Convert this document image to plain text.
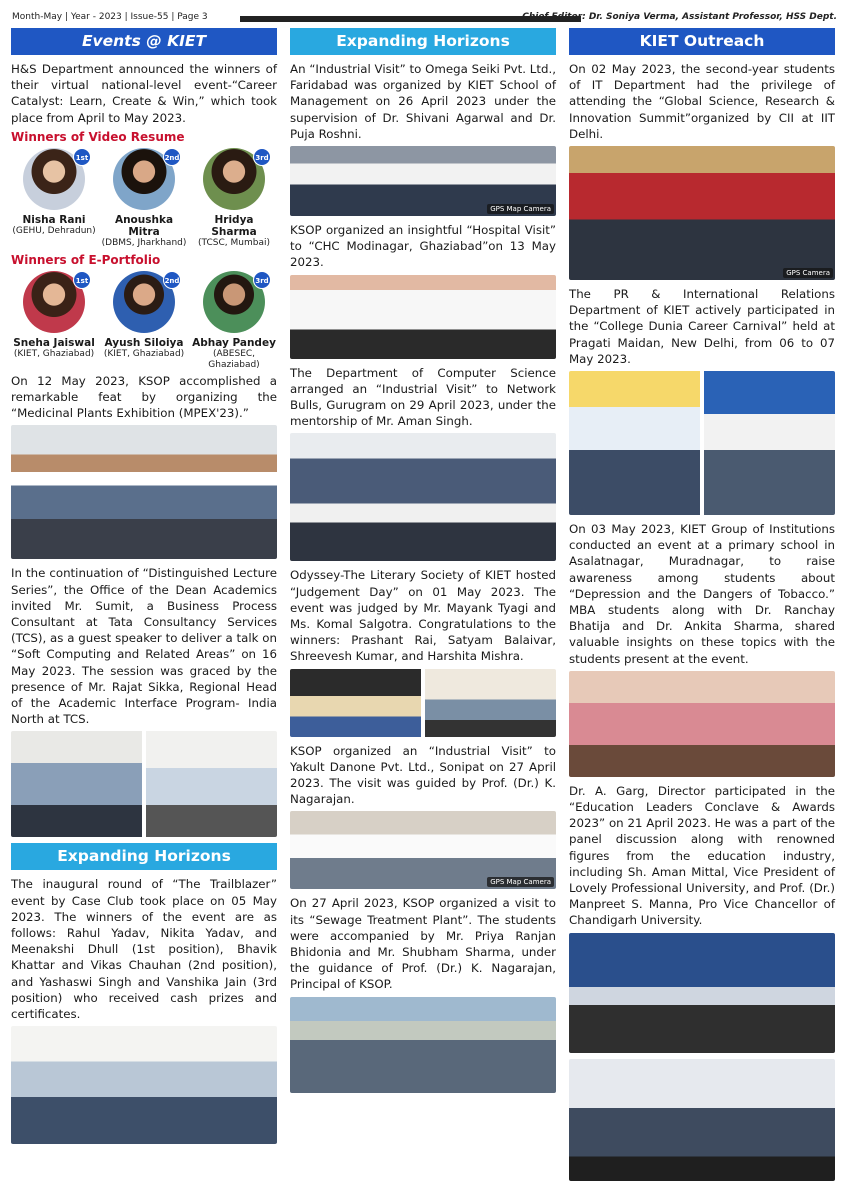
Month-May | Year - 2023 | Issue-55 | Page 3	Chief Editor: Dr. Soniya Verma, Assistant Professor, HSS Dept.
Events @ KIET

H&S Department announced the winners of their virtual national-level event-“Career Catalyst: Learn, Create & Win,” which took place from April to May 2023.

Winners of Video Resume
1st
Nisha Rani
(GEHU, Dehradun)
2nd
Anoushka Mitra
(DBMS, Jharkhand)
3rd
Hridya Sharma
(TCSC, Mumbai)
Winners of E-Portfolio
1st
Sneha Jaiswal
(KIET, Ghaziabad)
2nd
Ayush Siloiya
(KIET, Ghaziabad)
3rd
Abhay Pandey
(ABESEC, Ghaziabad)

On 12 May 2023, KSOP accomplished a remarkable feat by organizing the “Medicinal Plants Exhibition (MPEX'23).”

In the continuation of “Distinguished Lecture Series”, the Office of the Dean Academics invited Mr. Sumit, a Business Process Consultant at Tata Consultancy Services (TCS), as a guest speaker to deliver a talk on “Soft Computing and Related Areas” on 16 May 2023. The session was graced by the presence of Mr. Rajat Sikka, Regional Head of the Academic Interface Program- India North at TCS.

Expanding Horizons

The inaugural round of “The Trailblazer” event by Case Club took place on 05 May 2023. The winners of the event are as follows: Rahul Yadav, Nikita Yadav, and Meenakshi Dhull (1st position), Bhavik Khattar and Vikas Chauhan (2nd position), and Yashaswi Singh and Vanshika Jain (3rd position) who received cash prizes and certificates.

Expanding Horizons

An “Industrial Visit” to Omega Seiki Pvt. Ltd., Faridabad was organized by KIET School of Management on 26 April 2023 under the supervision of Dr. Shivani Agarwal and Dr. Puja Roshni.

GPS Map Camera

KSOP organized an insightful “Hospital Visit” to “CHC Modinagar, Ghaziabad”on 13 May 2023.

The Department of Computer Science arranged an “Industrial Visit” to Network Bulls, Gurugram on 29 April 2023, under the mentorship of Mr. Aman Singh.

Odyssey-The Literary Society of KIET hosted “Judgement Day” on 01 May 2023. The event was judged by Mr. Mayank Tyagi and Ms. Komal Salgotra. Congratulations to the winners: Prashant Rai, Satyam Balaivar, Shreevesh Kumar, and Harshita Mishra.

KSOP organized an “Industrial Visit” to Yakult Danone Pvt. Ltd., Sonipat on 27 April 2023. The visit was guided by Prof. (Dr.) K. Nagarajan.

GPS Map Camera

On 27 April 2023, KSOP organized a visit to its “Sewage Treatment Plant”. The students were accompanied by Mr. Priya Ranjan Bhidonia and Mr. Shubham Sharma, under the guidance of Prof. (Dr.) K. Nagarajan, Principal of KSOP.

KIET Outreach

On 02 May 2023, the second-year students of IT Department had the privilege of attending the “Global Science, Research & Innovation Summit”organized by CII at IIT Delhi.

GPS Camera

The PR & International Relations Department of KIET actively participated in the “College Dunia Career Carnival” held at Pragati Maidan, New Delhi, from 06 to 07 May 2023.

On 03 May 2023, KIET Group of Institutions conducted an event at a primary school in Asalatnagar, Muradnagar, to raise awareness among students about “Depression and the Dangers of Tobacco.” MBA students along with Dr. Ranchay Bhatija and Dr. Ankita Sharma, shared valuable insights on these topics with the students present at the event.

Dr. A. Garg, Director participated in the “Education Leaders Conclave & Awards 2023” on 21 April 2023. He was a part of the panel discussion along with renowned figures from the education industry, including Sh. Aman Mittal, Vice President of Lovely Professional University, and Prof. (Dr.) Manpreet S. Manna, Pro Vice Chancellor of Chandigarh University.
